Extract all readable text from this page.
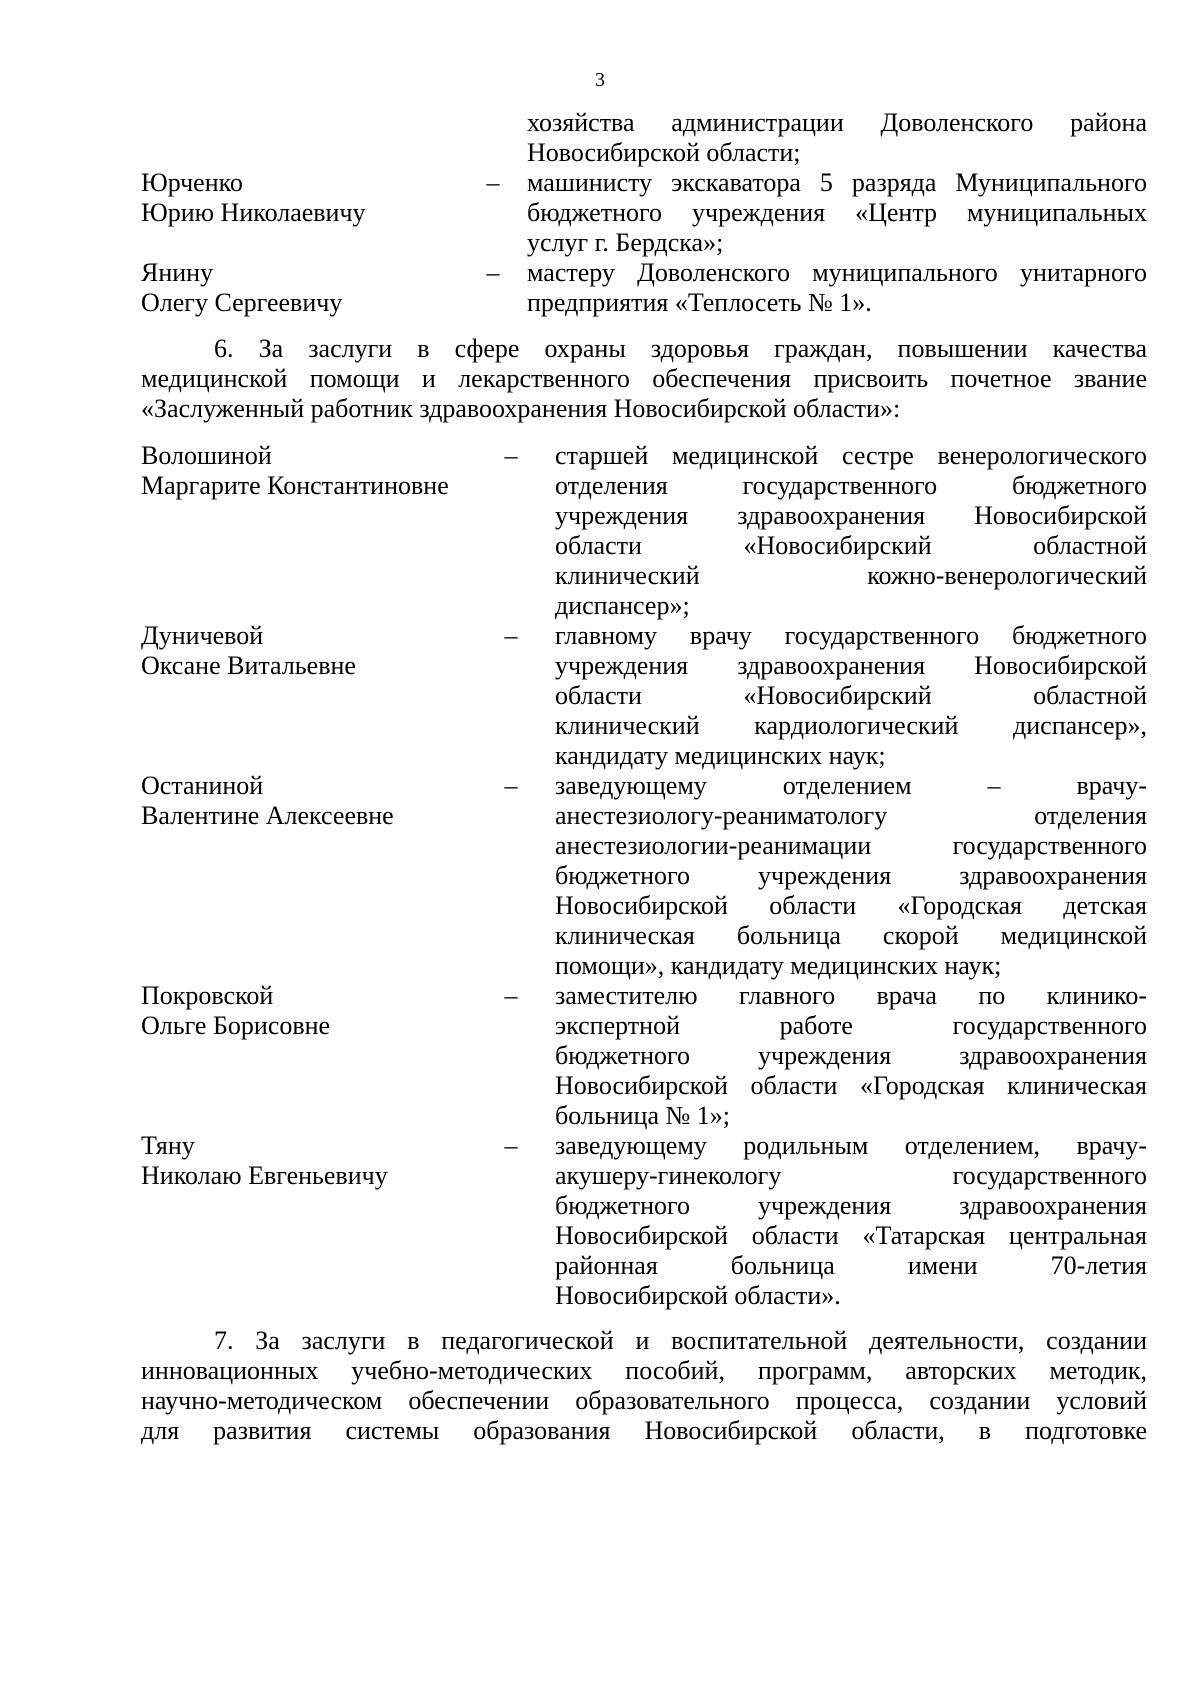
3
хозяйства администрации Доволенского района
Новосибирской области;
Юрченко
Юрию Николаевичу
– машинисту экскаватора 5 разряда Муниципального
бюджетного учреждения «Центр муниципальных
услуг г. Бердска»;
Янину
Олегу Сергеевичу
– мастеру Доволенского муниципального унитарного
предприятия «Теплосеть № 1».
6. За заслуги в сфере охраны здоровья граждан, повышении качества
медицинской помощи и лекарственного обеспечения присвоить почетное звание
«Заслуженный работник здравоохранения Новосибирской области»:
Волошиной
Маргарите Константиновне
– старшей медицинской сестре венерологического
отделения государственного бюджетного
учреждения здравоохранения Новосибирской
области «Новосибирский областной
клинический кожно-венерологический
диспансер»;
Дуничевой
Оксане Витальевне
– главному врачу государственного бюджетного
учреждения здравоохранения Новосибирской
области «Новосибирский областной
клинический кардиологический диспансер»,
кандидату медицинских наук;
Останиной
Валентине Алексеевне
– заведующему отделением – врачу-
анестезиологу-реаниматологу отделения
анестезиологии-реанимации государственного
бюджетного учреждения здравоохранения
Новосибирской области «Городская детская
клиническая больница скорой медицинской
помощи», кандидату медицинских наук;
Покровской
Ольге Борисовне
– заместителю главного врача по клинико-
экспертной работе государственного
бюджетного учреждения здравоохранения
Новосибирской области «Городская клиническая
больница № 1»;
Тяну
Николаю Евгеньевичу
– заведующему родильным отделением, врачу-
акушеру-гинекологу государственного
бюджетного учреждения здравоохранения
Новосибирской области «Татарская центральная
районная больница имени 70-летия
Новосибирской области».
7. За заслуги в педагогической и воспитательной деятельности, создании
инновационных учебно-методических пособий, программ, авторских методик,
научно-методическом обеспечении образовательного процесса, создании условий
для развития системы образования Новосибирской области, в подготовке
